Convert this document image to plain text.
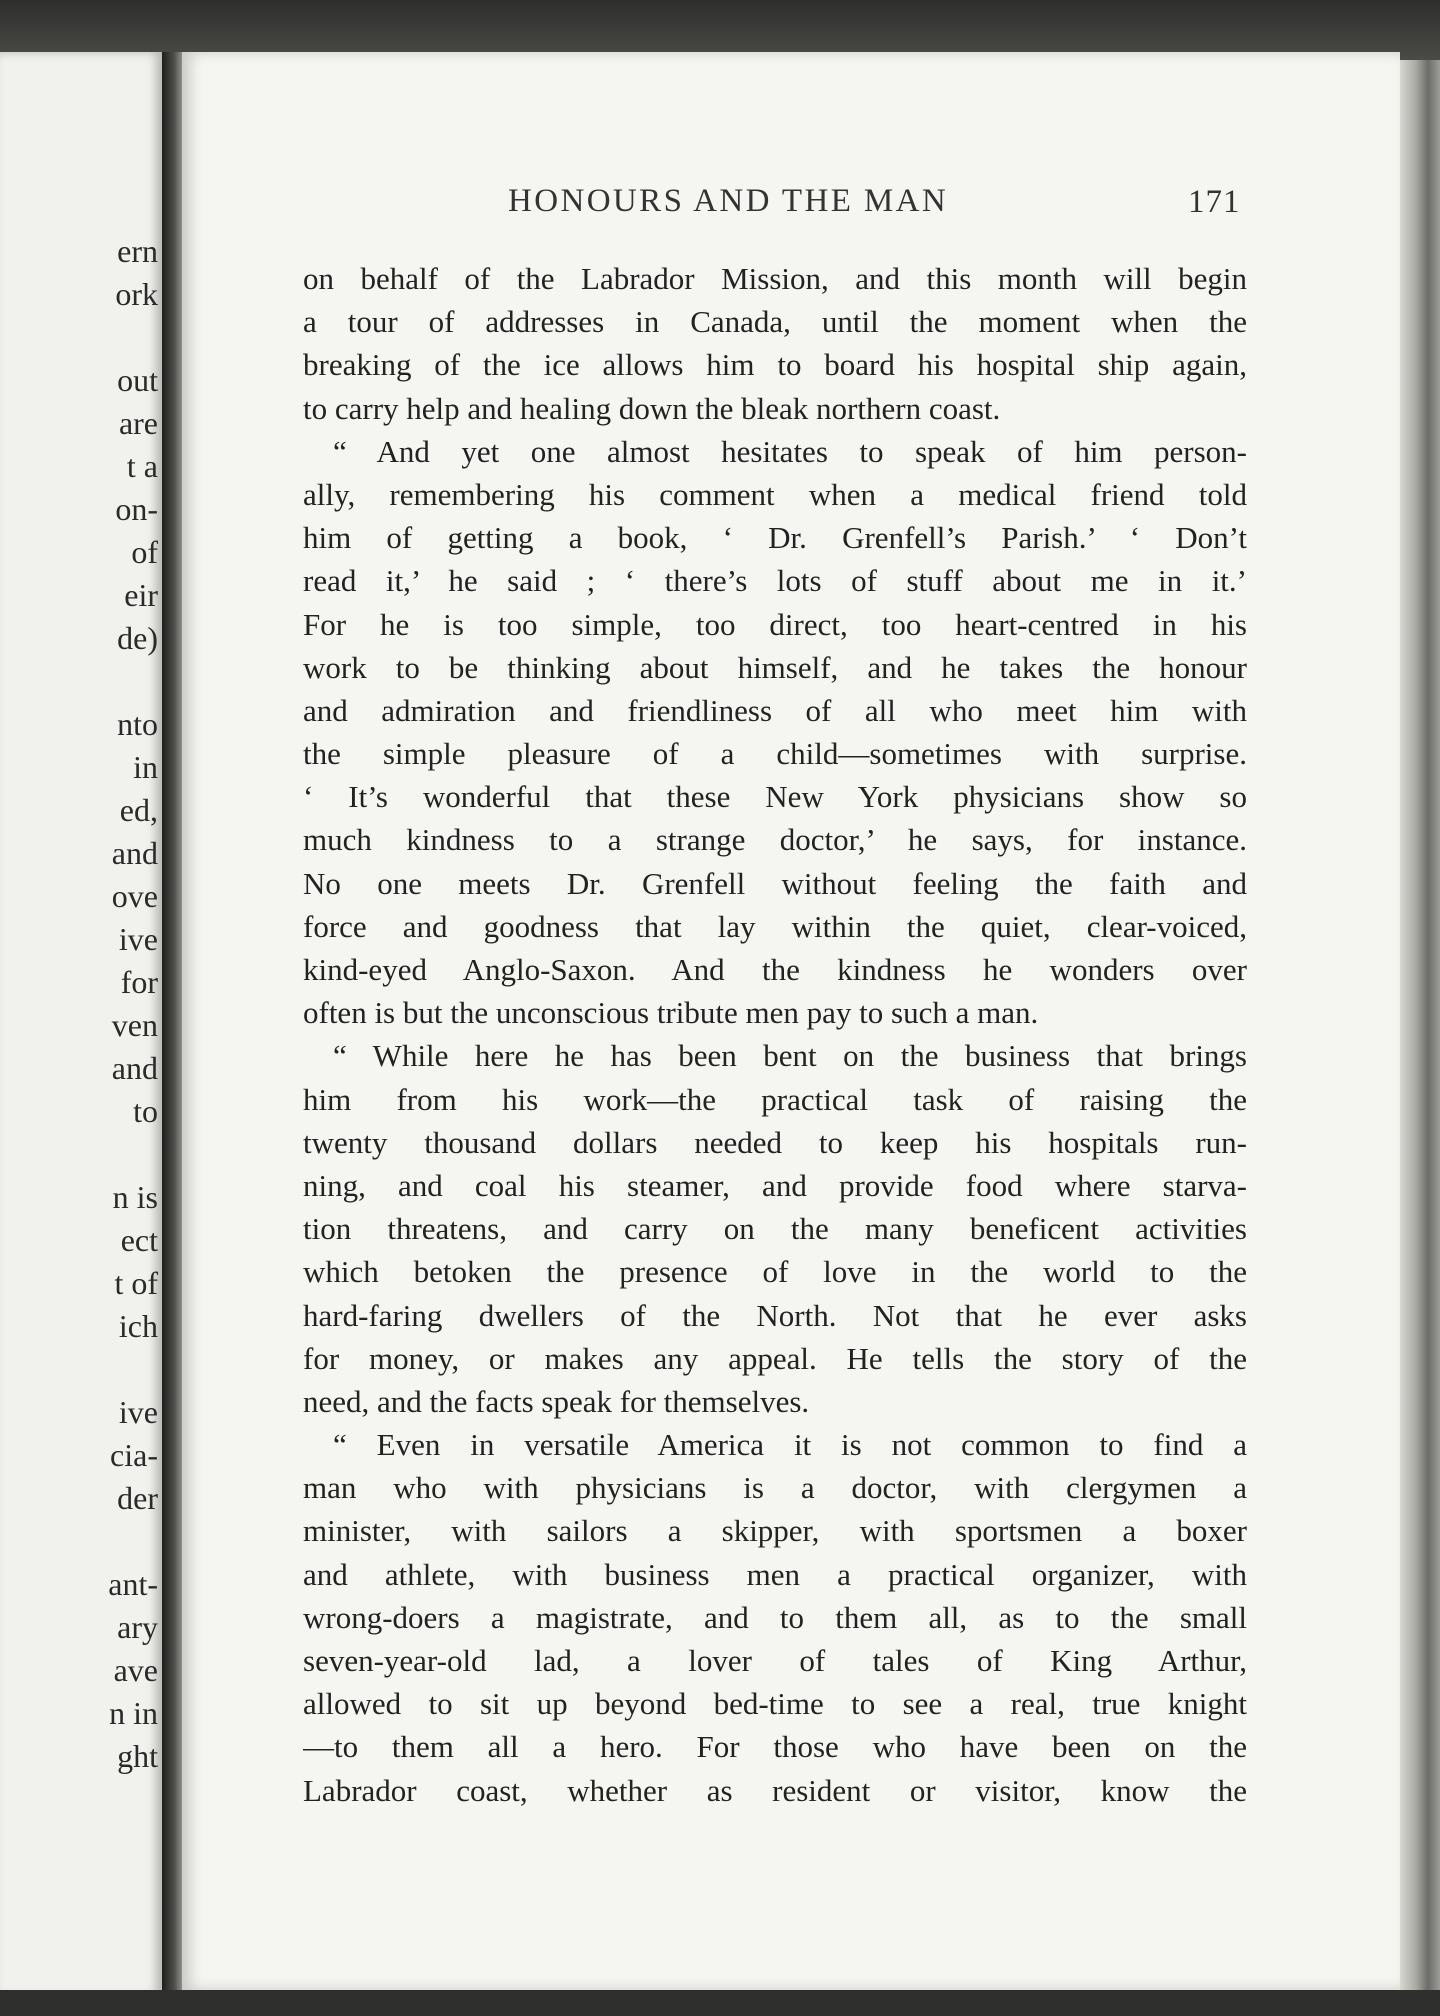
ern
ork
out
are
t a
on-
of
eir
de)
nto
in
ed,
and
ove
ive
for
ven
and
to
n is
ect
t of
ich
ive
cia-
der
ant-
ary
ave
n in
ght
HONOURS AND THE MAN	171
on behalf of the Labrador Mission, and this month will begin
a tour of addresses in Canada, until the moment when the
breaking of the ice allows him to board his hospital ship again,
to carry help and healing down the bleak northern coast.
“ And yet one almost hesitates to speak of him person-
ally, remembering his comment when a medical friend told
him of getting a book, ‘ Dr. Grenfell’s Parish.’ ‘ Don’t
read it,’ he said ; ‘ there’s lots of stuff about me in it.’
For he is too simple, too direct, too heart-centred in his
work to be thinking about himself, and he takes the honour
and admiration and friendliness of all who meet him with
the simple pleasure of a child—sometimes with surprise.
‘ It’s wonderful that these New York physicians show so
much kindness to a strange doctor,’ he says, for instance.
No one meets Dr. Grenfell without feeling the faith and
force and goodness that lay within the quiet, clear-voiced,
kind-eyed Anglo-Saxon. And the kindness he wonders over
often is but the unconscious tribute men pay to such a man.
“ While here he has been bent on the business that brings
him from his work—the practical task of raising the
twenty thousand dollars needed to keep his hospitals run-
ning, and coal his steamer, and provide food where starva-
tion threatens, and carry on the many beneficent activities
which betoken the presence of love in the world to the
hard-faring dwellers of the North. Not that he ever asks
for money, or makes any appeal. He tells the story of the
need, and the facts speak for themselves.
“ Even in versatile America it is not common to find a
man who with physicians is a doctor, with clergymen a
minister, with sailors a skipper, with sportsmen a boxer
and athlete, with business men a practical organizer, with
wrong-doers a magistrate, and to them all, as to the small
seven-year-old lad, a lover of tales of King Arthur,
allowed to sit up beyond bed-time to see a real, true knight
—to them all a hero. For those who have been on the
Labrador coast, whether as resident or visitor, know the
